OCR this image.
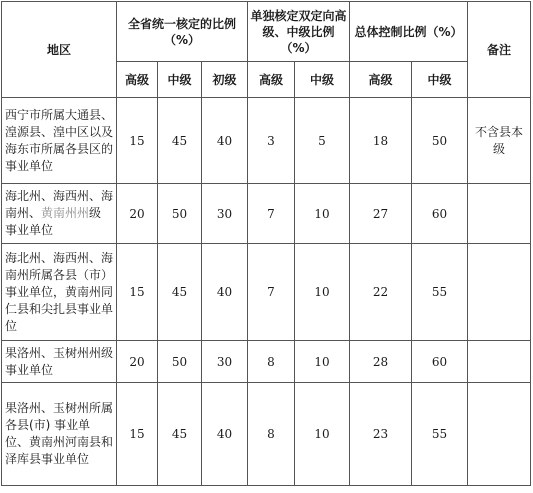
地区	全省统一核定的比例（%）			单独核定双定向高级、中级比例（%）		总体控制比例（%）		备注
	高级	中级	初级	高级	中级	高级	中级	
西宁市所属大通县、湟源县、湟中区以及海东市所属各县区的事业单位	15	45	40	3	5	18	50	不含县本级
海北州、海西州、海南州、黄南州州级事业单位	20	50	30	7	10	27	60	
海北州、海西州、海南州所属各县（市）事业单位，黄南州同仁县和尖扎县事业单位	15	45	40	7	10	22	55	
果洛州、玉树州州级事业单位	20	50	30	8	10	28	60	
果洛州、玉树州所属各县(市) 事业单位、黄南州河南县和泽库县事业单位	15	45	40	8	10	23	55	
